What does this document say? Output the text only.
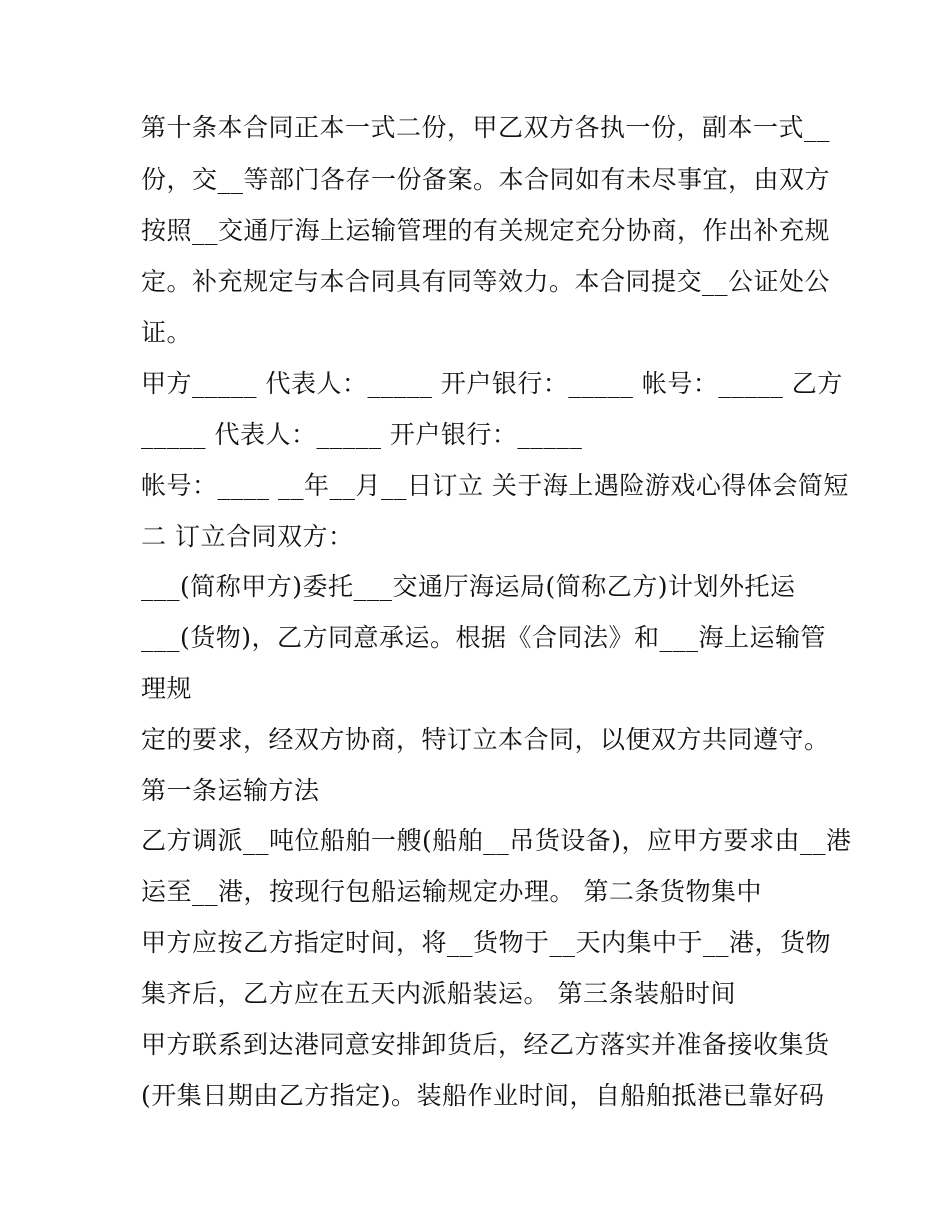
第十条本合同正本一式二份，甲乙双方各执一份，副本一式__
份，交__等部门各存一份备案。本合同如有未尽事宜，由双方
按照__交通厅海上运输管理的有关规定充分协商，作出补充规
定。补充规定与本合同具有同等效力。本合同提交__公证处公
证。
甲方_____ 代表人：_____ 开户银行：_____ 帐号：_____ 乙方
_____ 代表人：_____ 开户银行：_____
帐号：____ __年__月__日订立 关于海上遇险游戏心得体会简短
二 订立合同双方：
___(简称甲方)委托___交通厅海运局(简称乙方)计划外托运
___(货物)，乙方同意承运。根据《合同法》和___海上运输管
理规
定的要求，经双方协商，特订立本合同，以便双方共同遵守。
第一条运输方法
乙方调派__吨位船舶一艘(船舶__吊货设备)，应甲方要求由__港
运至__港，按现行包船运输规定办理。 第二条货物集中
甲方应按乙方指定时间，将__货物于__天内集中于__港，货物
集齐后，乙方应在五天内派船装运。 第三条装船时间
甲方联系到达港同意安排卸货后，经乙方落实并准备接收集货
(开集日期由乙方指定)。装船作业时间，自船舶抵港已靠好码
